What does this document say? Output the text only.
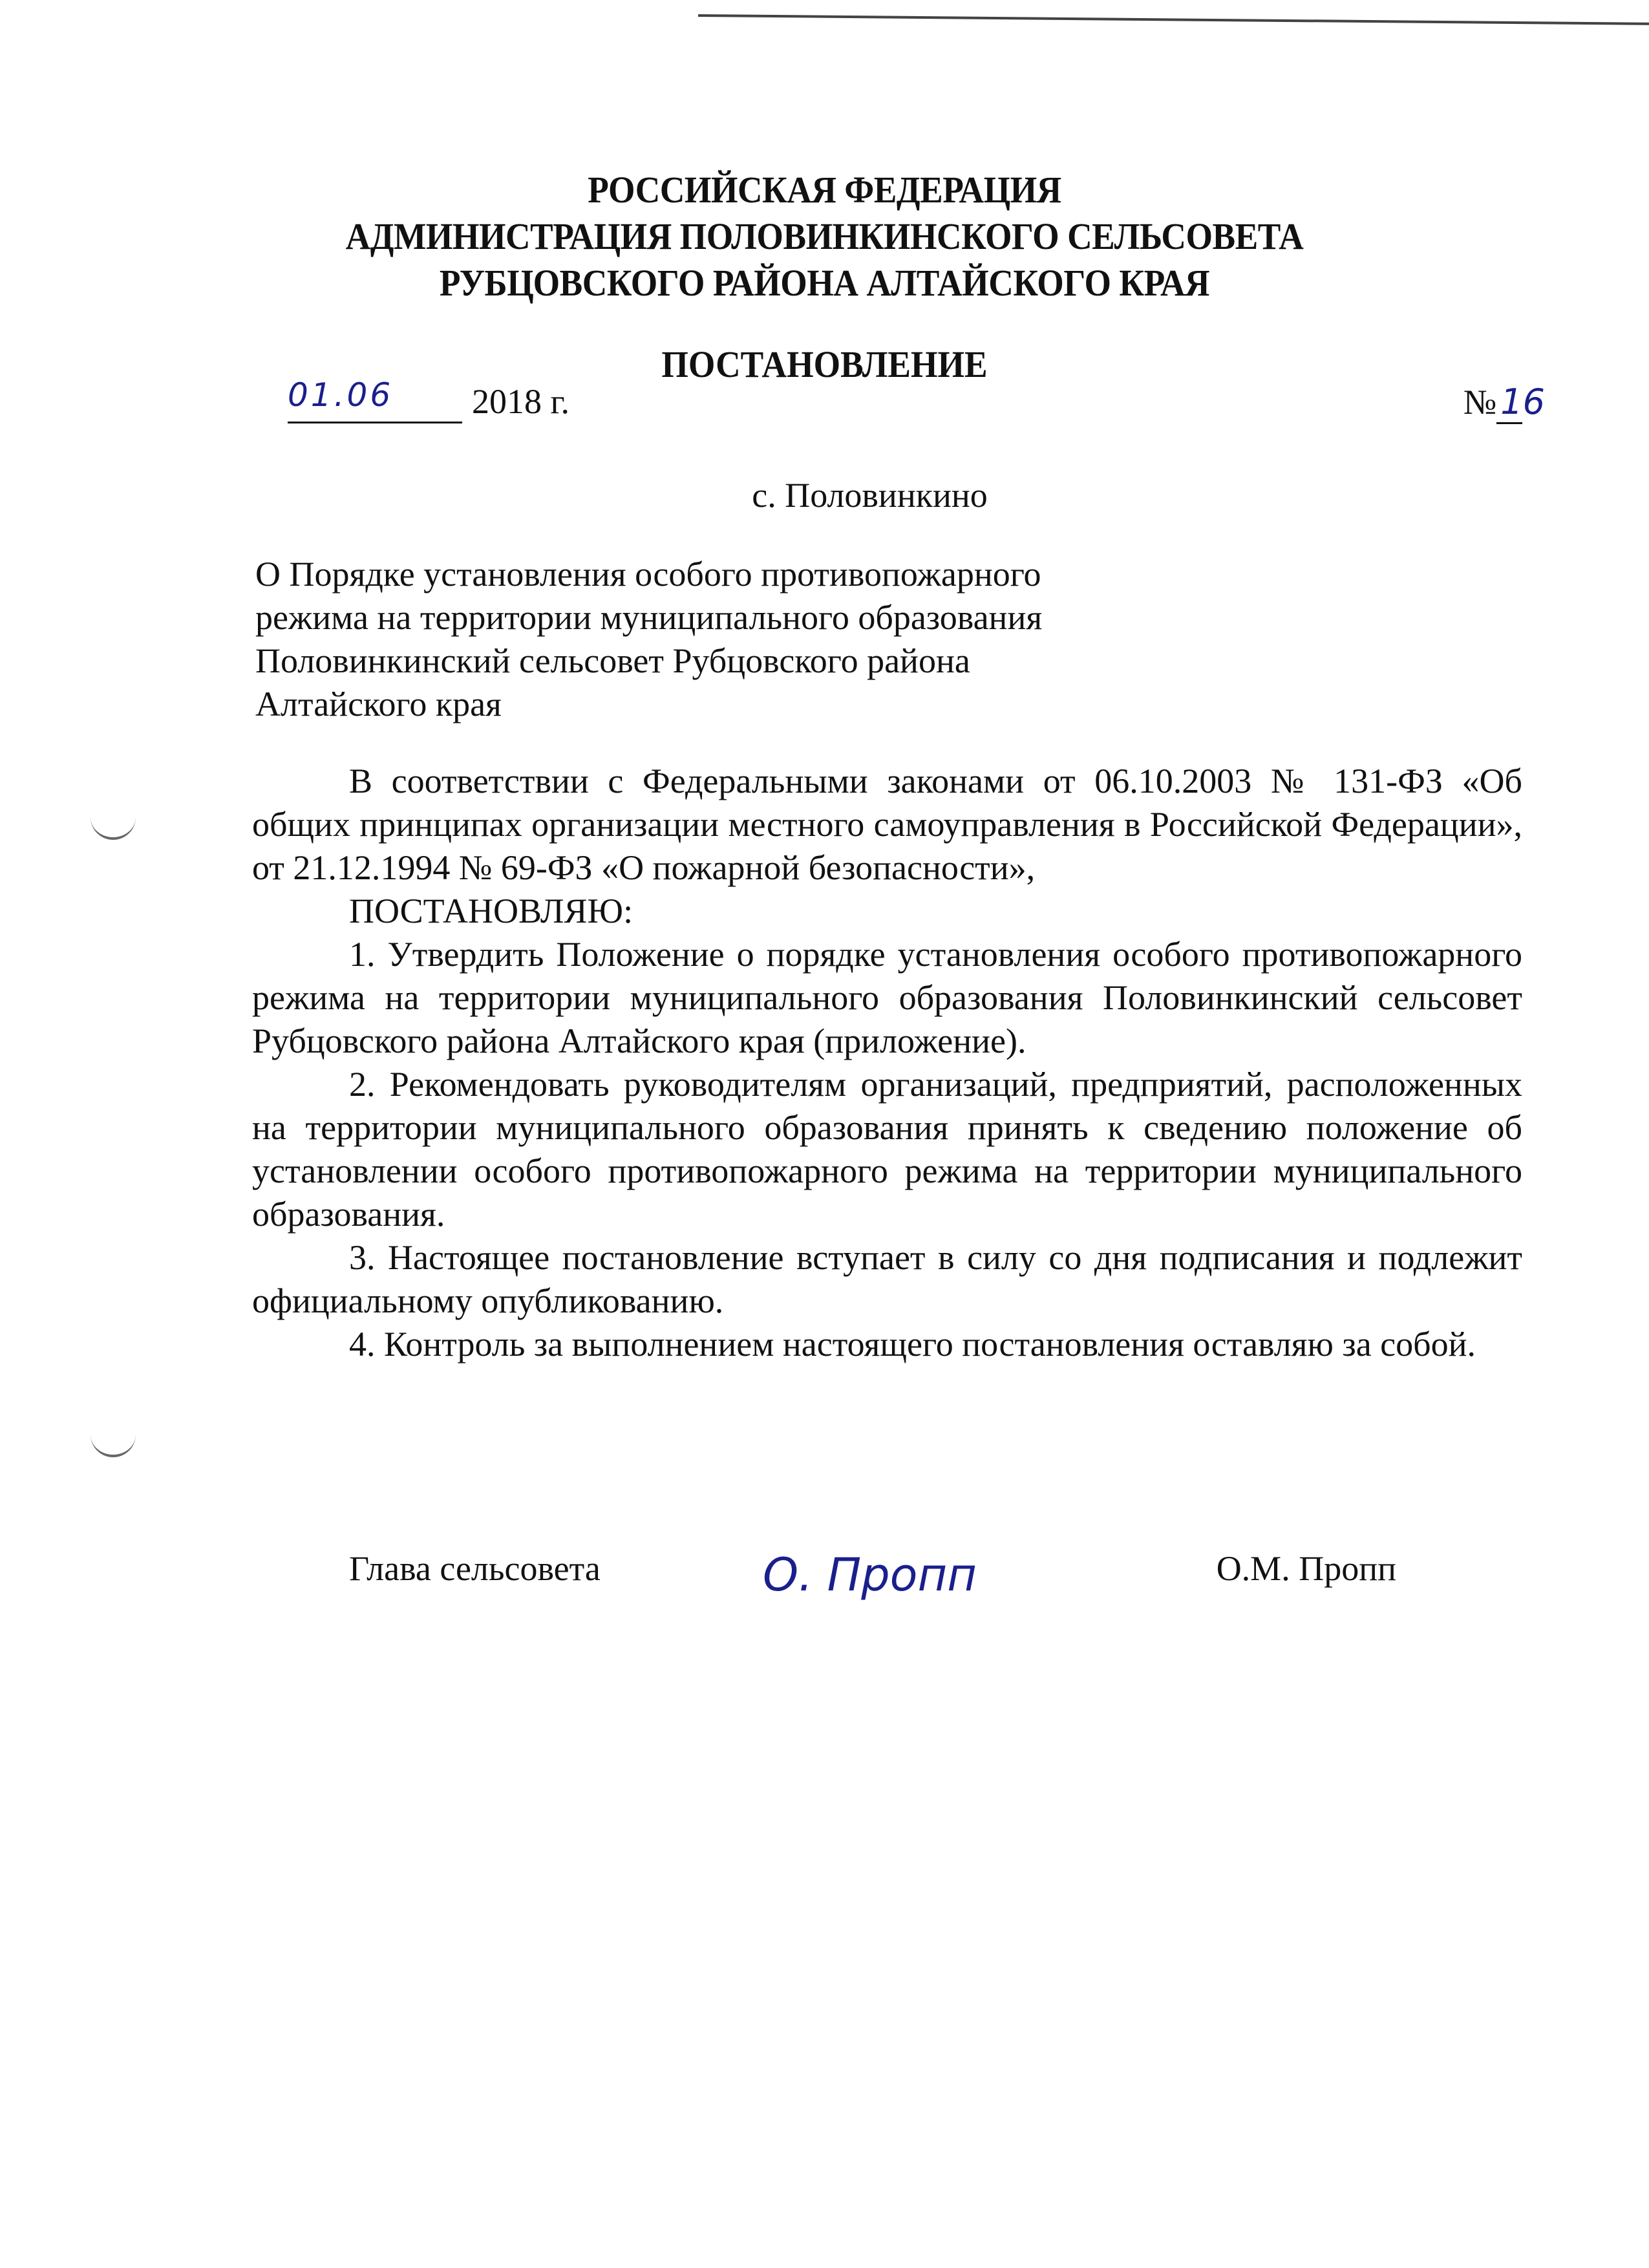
РОССИЙСКАЯ ФЕДЕРАЦИЯ
АДМИНИСТРАЦИЯ ПОЛОВИНКИНСКОГО СЕЛЬСОВЕТА
РУБЦОВСКОГО РАЙОНА АЛТАЙСКОГО КРАЯ
ПОСТАНОВЛЕНИЕ
01.06 2018 г.	№ 16
с. Половинкино
О Порядке установления особого противопожарного
режима на территории муниципального образования
Половинкинский сельсовет Рубцовского района
Алтайского края

В соответствии с Федеральными законами от 06.10.2003 № 131-ФЗ «Об общих принципах организации местного самоуправления в Российской Федерации», от 21.12.1994 № 69-ФЗ «О пожарной безопасности»,

ПОСТАНОВЛЯЮ:

1. Утвердить Положение о порядке установления особого противопожарного режима на территории муниципального образования Половинкинский сельсовет Рубцовского района Алтайского края (приложение).

2. Рекомендовать руководителям организаций, предприятий, расположенных на территории муниципального образования принять к сведению положение об установлении особого противопожарного режима на территории муниципального образования.

3. Настоящее постановление вступает в силу со дня подписания и подлежит официальному опубликованию.

4. Контроль за выполнением настоящего постановления оставляю за собой.

Глава сельсовета	О. Пропп	О.М. Пропп
